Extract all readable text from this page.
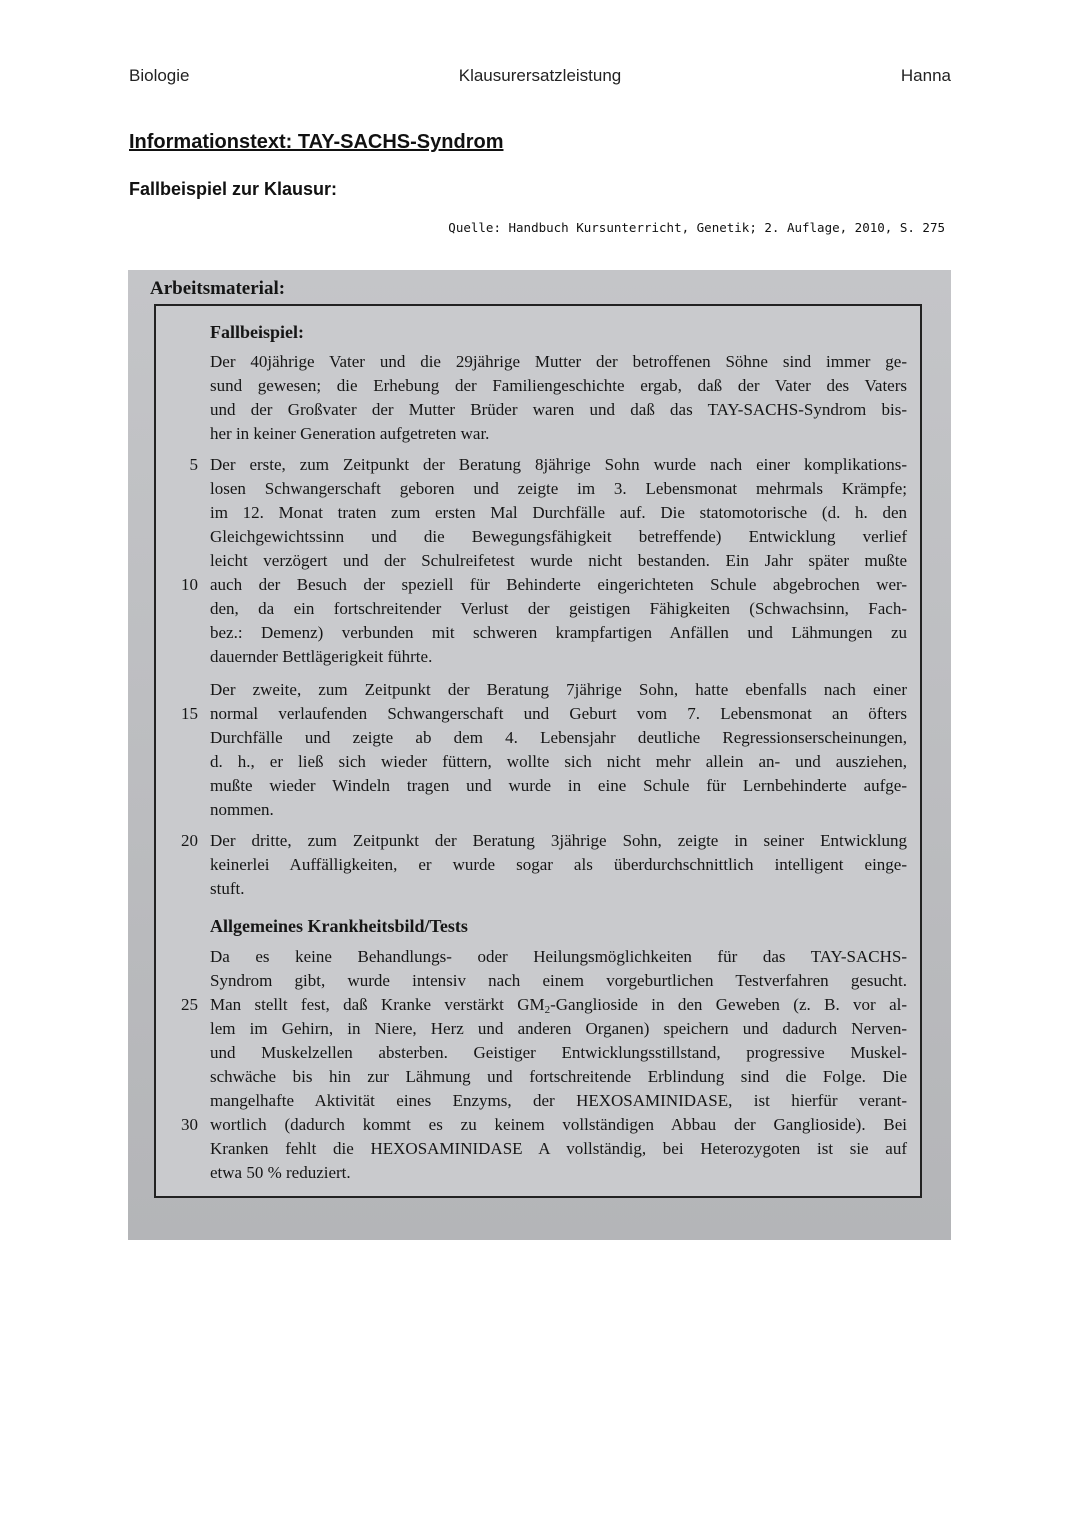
Biologie	Klausurersatzleistung	Hanna
Informationstext: TAY-SACHS-Syndrom
Fallbeispiel zur Klausur:
Quelle: Handbuch Kursunterricht, Genetik; 2. Auflage, 2010, S. 275
Arbeitsmaterial:
Fallbeispiel:
Der 40jährige Vater und die 29jährige Mutter der betroffenen Söhne sind immer ge-
sund gewesen; die Erhebung der Familiengeschichte ergab, daß der Vater des Vaters
und der Großvater der Mutter Brüder waren und daß das TAY-SACHS-Syndrom bis-
her in keiner Generation aufgetreten war.
Der erste, zum Zeitpunkt der Beratung 8jährige Sohn wurde nach einer komplikations-
losen Schwangerschaft geboren und zeigte im 3. Lebensmonat mehrmals Krämpfe;
im 12. Monat traten zum ersten Mal Durchfälle auf. Die statomotorische (d. h. den
Gleichgewichtssinn und die Bewegungsfähigkeit betreffende) Entwicklung verlief
leicht verzögert und der Schulreifetest wurde nicht bestanden. Ein Jahr später mußte
auch der Besuch der speziell für Behinderte eingerichteten Schule abgebrochen wer-
den, da ein fortschreitender Verlust der geistigen Fähigkeiten (Schwachsinn, Fach-
bez.: Demenz) verbunden mit schweren krampfartigen Anfällen und Lähmungen zu
dauernder Bettlägerigkeit führte.
Der zweite, zum Zeitpunkt der Beratung 7jährige Sohn, hatte ebenfalls nach einer
normal verlaufenden Schwangerschaft und Geburt vom 7. Lebensmonat an öfters
Durchfälle und zeigte ab dem 4. Lebensjahr deutliche Regressionserscheinungen,
d. h., er ließ sich wieder füttern, wollte sich nicht mehr allein an- und ausziehen,
mußte wieder Windeln tragen und wurde in eine Schule für Lernbehinderte aufge-
nommen.
Der dritte, zum Zeitpunkt der Beratung 3jährige Sohn, zeigte in seiner Entwicklung
keinerlei Auffälligkeiten, er wurde sogar als überdurchschnittlich intelligent einge-
stuft.
Allgemeines Krankheitsbild/Tests
Da es keine Behandlungs- oder Heilungsmöglichkeiten für das TAY-SACHS-
Syndrom gibt, wurde intensiv nach einem vorgeburtlichen Testverfahren gesucht.
Man stellt fest, daß Kranke verstärkt $GM_2$-Ganglioside in den Geweben (z. B. vor al-
lem im Gehirn, in Niere, Herz und anderen Organen) speichern und dadurch Nerven-
und Muskelzellen absterben. Geistiger Entwicklungsstillstand, progressive Muskel-
schwäche bis hin zur Lähmung und fortschreitende Erblindung sind die Folge. Die
mangelhafte Aktivität eines Enzyms, der HEXOSAMINIDASE, ist hierfür verant-
wortlich (dadurch kommt es zu keinem vollständigen Abbau der Ganglioside). Bei
Kranken fehlt die HEXOSAMINIDASE A vollständig, bei Heterozygoten ist sie auf
etwa 50 % reduziert.
5
10
15
20
25
30
